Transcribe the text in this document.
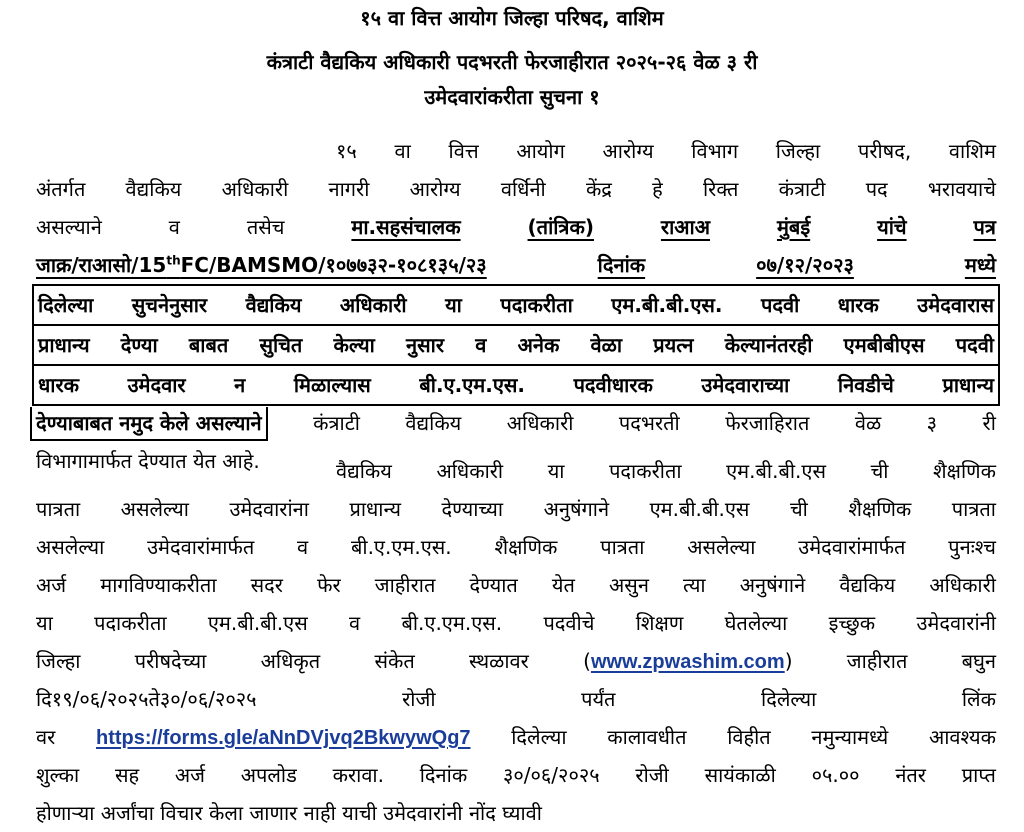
१५ वा वित्त आयोग जिल्हा परिषद, वाशिम
कंत्राटी वैद्यकिय अधिकारी पदभरती फेरजाहीरात २०२५-२६ वेळ ३ री
उमेदवारांकरीता सुचना १
१५ वा वित्त आयोग आरोग्य विभाग जिल्हा परीषद, वाशिम
अंतर्गत वैद्यकिय अधिकारी नागरी आरोग्य वर्धिनी केंद्र हे रिक्त कंत्राटी पद भरावयाचे
असल्याने	व	तसेच	मा.सहसंचालक	(तांत्रिक)	राआअ	मुंबई	यांचे	पत्र
जाक्र/राआसो/15thFC/BAMSMO/१०७७३२-१०८१३५/२३	दिनांक	०७/१२/२०२३	मध्ये
दिलेल्या सुचनेनुसार वैद्यकिय अधिकारी या पदाकरीता एम.बी.बी.एस. पदवी धारक उमेदवारास
प्राधान्य देण्या बाबत सुचित केल्या नुसार व अनेक वेळा प्रयत्न केल्यानंतरही एमबीबीएस पदवी
धारक उमेदवार न मिळाल्यास बी.ए.एम.एस. पदवीधारक उमेदवाराच्या निवडीचे प्राधान्य
देण्याबाबत नमुद केले असल्याने	कंत्राटी वैद्यकिय अधिकारी पदभरती फेरजाहिरात वेळ ३ री
विभागामार्फत देण्यात येत आहे.	वैद्यकिय अधिकारी या पदाकरीता एम.बी.बी.एस ची शैक्षणिक
पात्रता असलेल्या उमेदवारांना प्राधान्य देण्याच्या अनुषंगाने एम.बी.बी.एस ची शैक्षणिक पात्रता
असलेल्या उमेदवारांमार्फत व बी.ए.एम.एस. शैक्षणिक पात्रता असलेल्या उमेदवारांमार्फत पुनःश्च
अर्ज मागविण्याकरीता सदर फेर जाहीरात देण्यात येत असुन त्या अनुषंगाने वैद्यकिय अधिकारी
या पदाकरीता एम.बी.बी.एस व बी.ए.एम.एस. पदवीचे शिक्षण घेतलेल्या इच्छुक उमेदवारांनी
जिल्हा	परीषदेच्या	अधिकृत	संकेत	स्थळावर	(www.zpwashim.com)	जाहीरात	बघुन
दि१९/०६/२०२५ते३०/०६/२०२५	रोजी	पर्यंत	दिलेल्या	लिंक
वर https://forms.gle/aNnDVjvq2BkwywQg7 दिलेल्या कालावधीत विहीत नमुन्यामध्ये आवश्यक
शुल्का सह अर्ज अपलोड करावा. दिनांक ३०/०६/२०२५ रोजी सायंकाळी ०५.०० नंतर प्राप्त
होणाऱ्या अर्जांचा विचार केला जाणार नाही याची उमेदवारांनी नोंद घ्यावी
